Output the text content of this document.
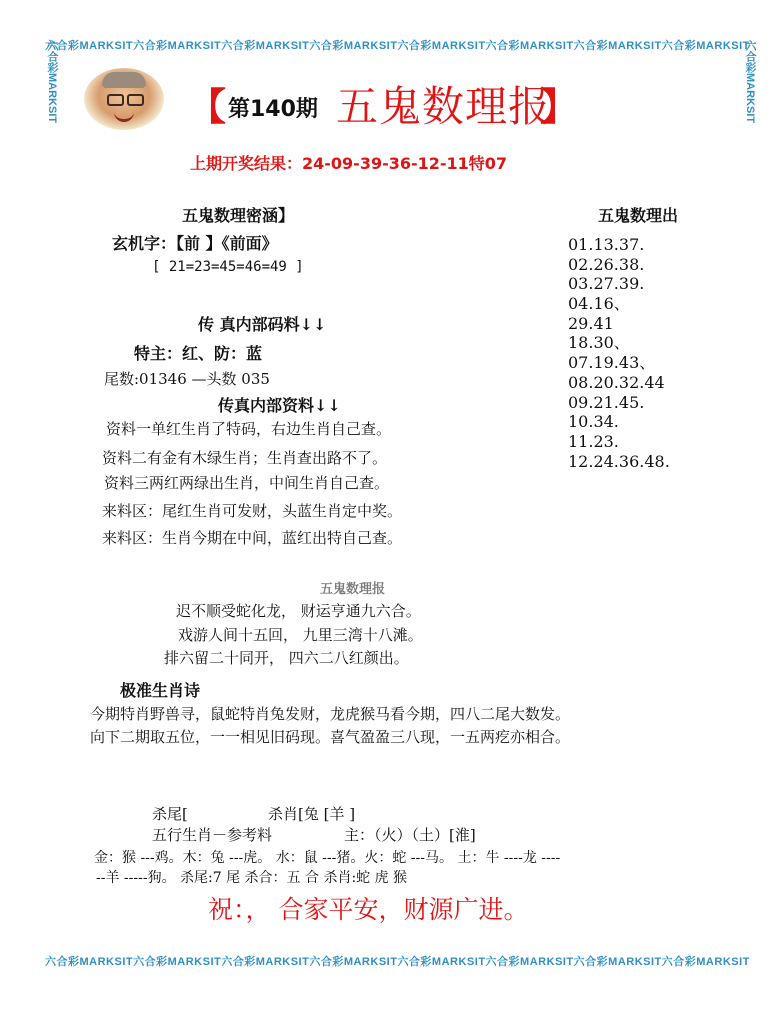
六合彩MARKSIT六合彩MARKSIT六合彩MARKSIT六合彩MARKSIT六合彩MARKSIT六合彩MARKSIT六合彩MARKSIT六合彩MARKSIT
六合彩MARKSIT六合彩MARKSIT六合彩MARKSIT六合彩MARKSIT六合彩MARKSIT六合彩MARKSIT六合彩MARKSIT六合彩MARKSIT
六合彩MARKSIT	六合彩MARKSIT
【 第140期 五鬼数理报
】
上期开奖结果：24-09-39-36-12-11特07
五鬼数理密涵】
玄机字：【前 】《前面》
[ 21=23=45=46=49 ]
传 真内部码料↓↓
特主：红、防：蓝
尾数:01346 —头数 035
传真内部资料↓↓
资料一单红生肖了特码，右边生肖自己查。
资料二有金有木绿生肖；生肖查出路不了。
资料三两红两绿出生肖，中间生肖自己查。
来料区：尾红生肖可发财，头蓝生肖定中奖。
来料区：生肖今期在中间，蓝红出特自己查。
五鬼数理出
01.13.37.
02.26.38.
03.27.39.
04.16、
29.41
18.30、
07.19.43、
08.20.32.44
09.21.45.
10.34.
11.23.
12.24.36.48.
五鬼数理报
迟不顺受蛇化龙， 财运亨通九六合。
戏游人间十五回， 九里三湾十八滩。
排六留二十同开， 四六二八红颜出。
极准生肖诗
今期特肖野兽寻，鼠蛇特肖兔发财，龙虎猴马看今期，四八二尾大数发。
向下二期取五位，一一相见旧码现。喜气盈盈三八现，一五两疙亦相合。
杀尾[	杀肖[兔 [羊 ]
五行生肖－参考料	主：（火）（土）[淮]
金：猴 ---鸡。木：兔 ---虎。 水：鼠 ---猪。火：蛇 ---马。 土：牛 ----龙 ----
--羊 -----狗。 杀尾:7 尾 杀合：五 合 杀肖:蛇 虎 猴
祝：， 合家平安，财源广进。
